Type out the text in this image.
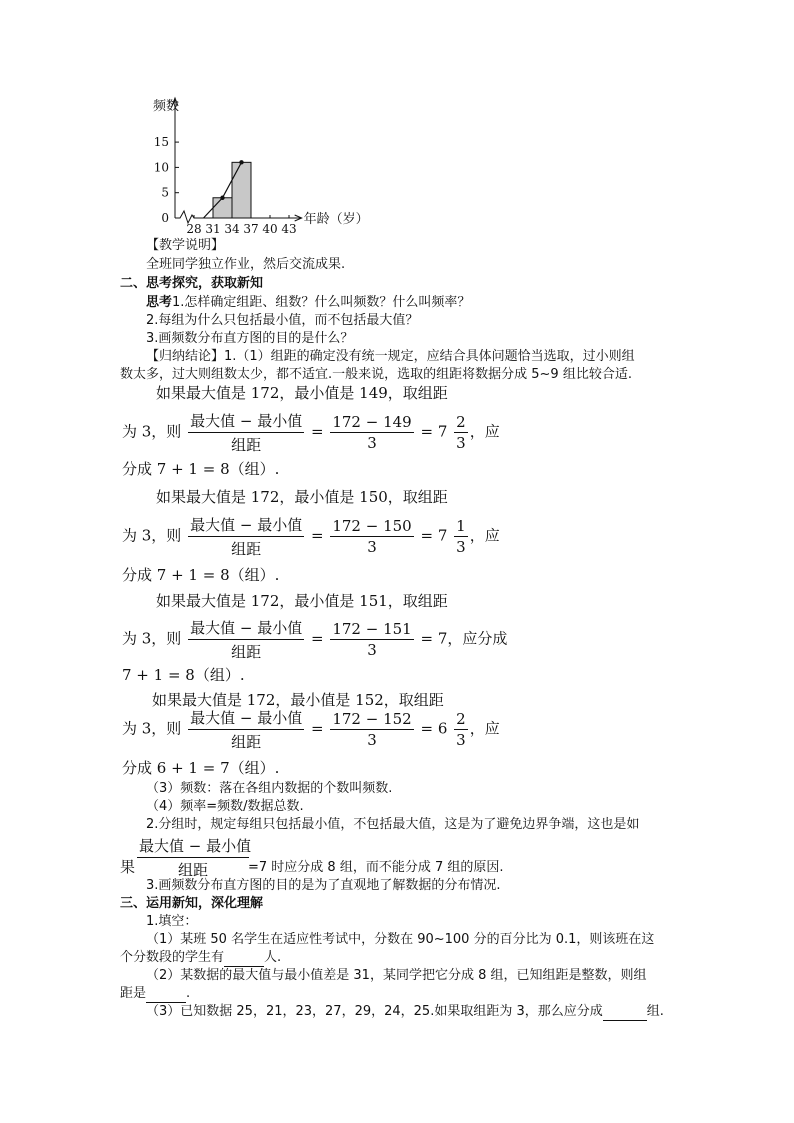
0
5
10
15
28 31 34 37 40 43
频数
年龄（岁）
【教学说明】
全班同学独立作业，然后交流成果.
二、思考探究，获取新知
思考1.怎样确定组距、组数？什么叫频数？什么叫频率？
2.每组为什么只包括最小值，而不包括最大值？
3.画频数分布直方图的目的是什么？
【归纳结论】1.（1）组距的确定没有统一规定，应结合具体问题恰当选取，过小则组
数太多，过大则组数太少，都不适宜.一般来说，选取的组距将数据分成 5~9 组比较合适.
如果最大值是 172，最小值是 149，取组距
为 3，则 $\frac{\text{最大值 − 最小值}}{\text{组距}} = \frac{172 - 149}{3} = 7 \frac{2}{3}$ ，应
分成 7 + 1 = 8（组）.
如果最大值是 172，最小值是 150，取组距
为 3，则 $\frac{\text{最大值 − 最小值}}{\text{组距}} = \frac{172 - 150}{3} = 7 \frac{1}{3}$ ，应
分成 7 + 1 = 8（组）.
如果最大值是 172，最小值是 151，取组距
为 3，则 $\frac{\text{最大值 − 最小值}}{\text{组距}} = \frac{172 - 151}{3} = 7$，应分成
7 + 1 = 8（组）.
如果最大值是 172，最小值是 152，取组距
为 3，则 $\frac{\text{最大值 − 最小值}}{\text{组距}} = \frac{172 - 152}{3} = 6 \frac{2}{3}$ ，应
分成 6 + 1 = 7（组）.
（3）频数：落在各组内数据的个数叫频数.
（4）频率=频数/数据总数.
2.分组时，规定每组只包括最小值，不包括最大值，这是为了避免边界争端，这也是如
果 $\frac{\text{最大值 − 最小值}}{\text{组距}} =7$ 时应分成 8 组，而不能分成 7 组的原因.
3.画频数分布直方图的目的是为了直观地了解数据的分布情况.
三、运用新知，深化理解
1.填空：
（1）某班 50 名学生在适应性考试中，分数在 90~100 分的百分比为 0.1，则该班在这
个分数段的学生有	人.
（2）某数据的最大值与最小值差是 31，某同学把它分成 8 组，已知组距是整数，则组
距是	.
（3）已知数据 25，21，23，27，29，24，25.如果取组距为 3，那么应分成	组.
